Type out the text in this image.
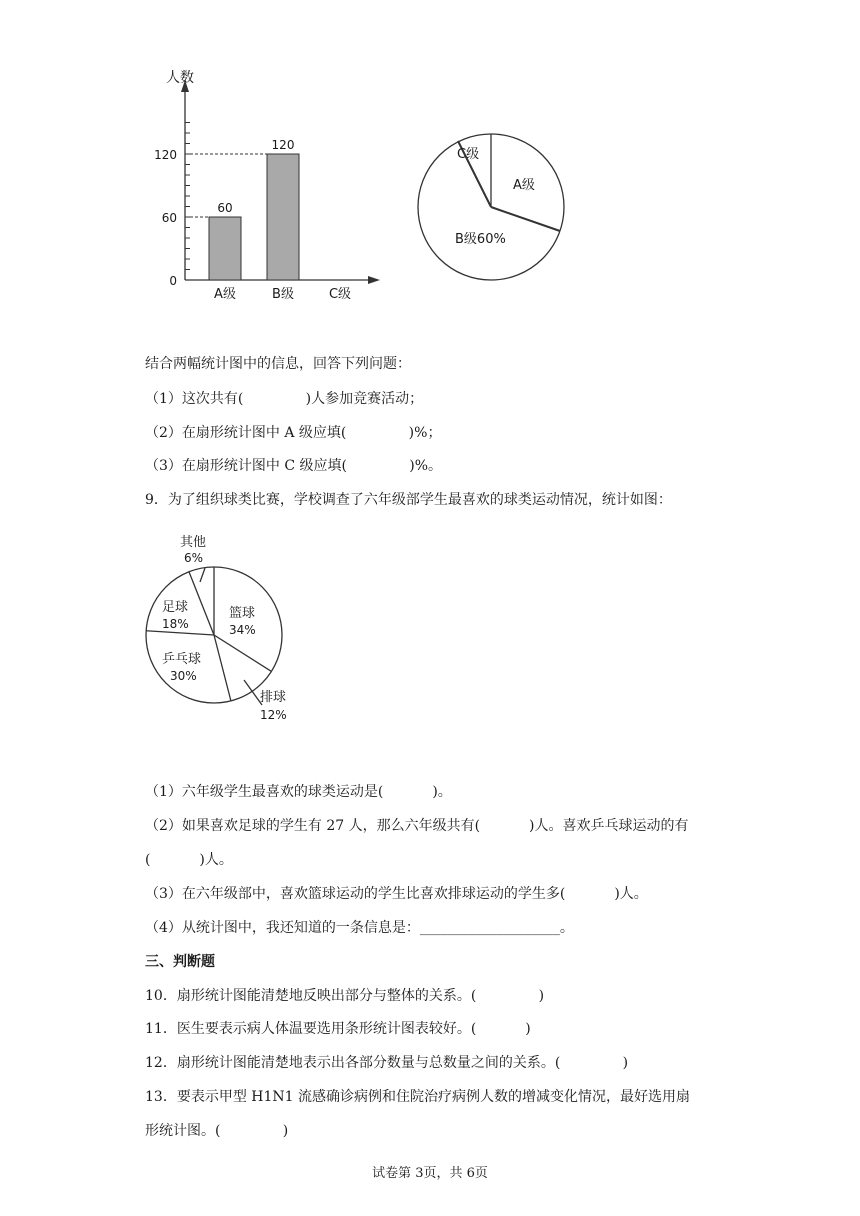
人数
0
60
120
60
A级
120
B级	C级
C级
A级
B级60%
其他
6%
篮球
34%
足球
18%
乒乓球
30%
排球
12%
结合两幅统计图中的信息，回答下列问题：
（1）这次共有(              )人参加竞赛活动；
（2）在扇形统计图中 A 级应填(              )%；
（3）在扇形统计图中 C 级应填(              )%。
9．为了组织球类比赛，学校调查了六年级部学生最喜欢的球类运动情况，统计如图：
（1）六年级学生最喜欢的球类运动是(           )。
（2）如果喜欢足球的学生有 27 人，那么六年级共有(           )人。喜欢乒乓球运动的有
(           )人。
（3）在六年级部中，喜欢篮球运动的学生比喜欢排球运动的学生多(           )人。
（4）从统计图中，我还知道的一条信息是：____________________。
三、判断题
10．扇形统计图能清楚地反映出部分与整体的关系。(              )
11．医生要表示病人体温要选用条形统计图表较好。(           )
12．扇形统计图能清楚地表示出各部分数量与总数量之间的关系。(              )
13．要表示甲型 H1N1 流感确诊病例和住院治疗病例人数的增减变化情况，最好选用扇
形统计图。(              )
试卷第 3页，共 6页
